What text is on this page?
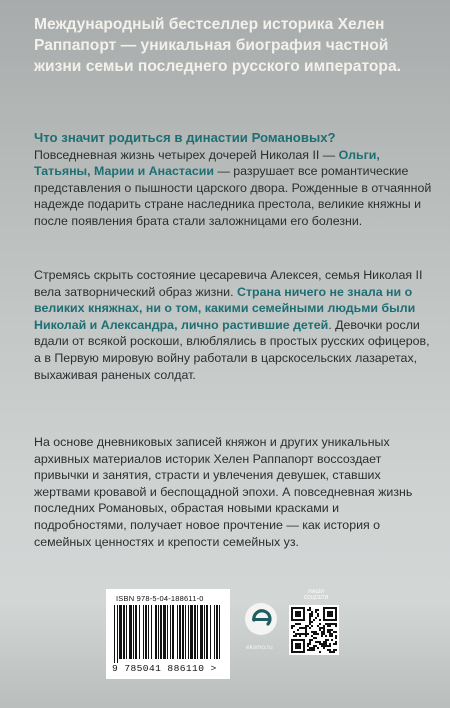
Международный бестселлер историка Хелен Раппапорт — уникальная биография частной жизни семьи последнего русского императора.

Что значит родиться в династии Романовых?
Повседневная жизнь четырех дочерей Николая II — Ольги, Татьяны, Марии и Анастасии — разрушает все романтические представления о пышности царского двора. Рожденные в отчаянной надежде подарить стране наследника престола, великие княжны и после появления брата стали заложницами его болезни.

Стремясь скрыть состояние цесаревича Алексея, семья Николая II вела затворнический образ жизни. Страна ничего не знала ни о великих княжнах, ни о том, какими семейными людьми были Николай и Александра, лично растившие детей. Девочки росли вдали от всякой роскоши, влюблялись в простых русских офицеров, а в Первую мировую войну работали в царскосельских лазаретах, выхаживая раненых солдат.

На основе дневниковых записей княжон и других уникальных архивных материалов историк Хелен Раппапорт воссоздает привычки и занятия, страсти и увлечения девушек, ставших жертвами кровавой и беспощадной эпохи. А повседневная жизнь последних Романовых, обрастая новыми красками и подробностями, получает новое прочтение — как история о семейных ценностях и крепости семейных уз.

ISBN 978-5-04-188611-0
9 785041 886110 >
eksmo.ru
НАШИ СОЦСЕТИ
